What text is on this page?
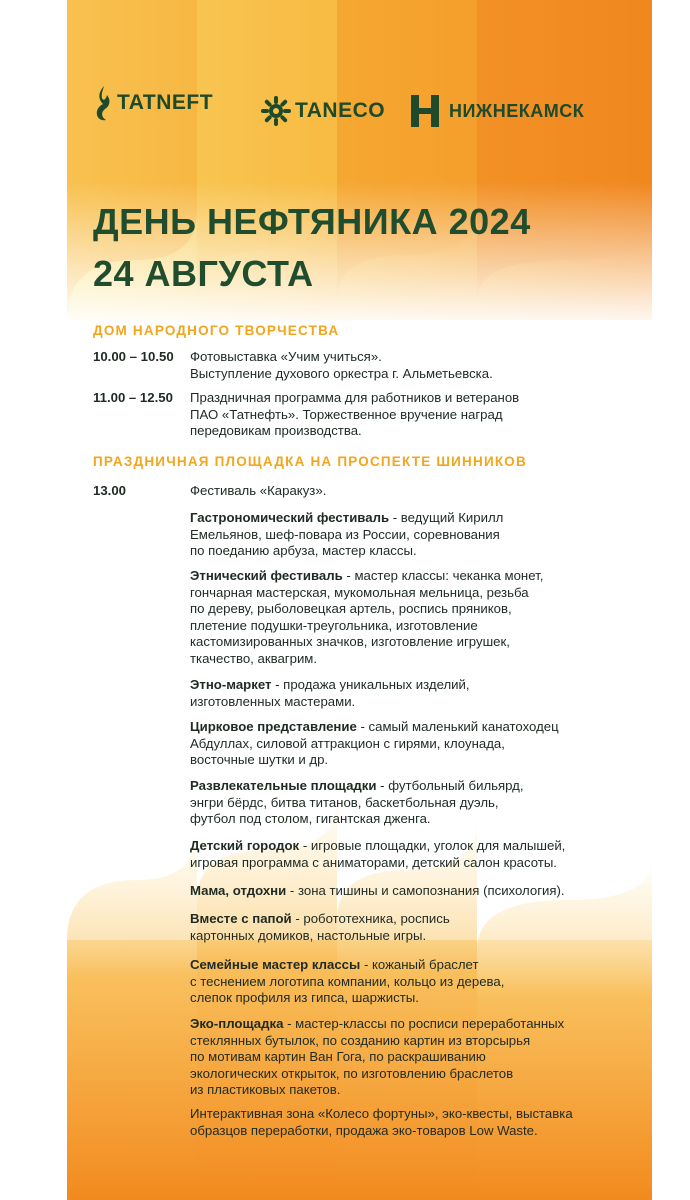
TATNEFT	TANECO	НИЖНЕКАМСК
ДЕНЬ НЕФТЯНИКА 2024
24 АВГУСТА
ДОМ НАРОДНОГО ТВОРЧЕСТВА
10.00 – 10.50 Фотовыставка «Учим учиться».
Выступление духового оркестра г. Альметьевска.
11.00 – 12.50 Праздничная программа для работников и ветеранов
ПАО «Татнефть». Торжественное вручение наград
передовикам производства.
ПРАЗДНИЧНАЯ ПЛОЩАДКА НА ПРОСПЕКТЕ ШИННИКОВ
13.00	Фестиваль «Каракуз».
Гастрономический фестиваль - ведущий Кирилл
Емельянов, шеф-повара из России, соревнования
по поеданию арбуза, мастер классы.
Этнический фестиваль - мастер классы: чеканка монет,
гончарная мастерская, мукомольная мельница, резьба
по дереву, рыболовецкая артель, роспись пряников,
плетение подушки-треугольника, изготовление
кастомизированных значков, изготовление игрушек,
ткачество, аквагрим.
Этно-маркет - продажа уникальных изделий,
изготовленных мастерами.
Цирковое представление - самый маленький канатоходец
Абдуллах, силовой аттракцион с гирями, клоунада,
восточные шутки и др.
Развлекательные площадки - футбольный бильярд,
энгри бёрдс, битва титанов, баскетбольная дуэль,
футбол под столом, гигантская дженга.
Детский городок - игровые площадки, уголок для малышей,
игровая программа с аниматорами, детский салон красоты.
Мама, отдохни - зона тишины и самопознания (психология).
Вместе с папой - робототехника, роспись
картонных домиков, настольные игры.
Семейные мастер классы - кожаный браслет
с теснением логотипа компании, кольцо из дерева,
слепок профиля из гипса, шаржисты.
Эко-площадка - мастер-классы по росписи переработанных
стеклянных бутылок, по созданию картин из вторсырья
по мотивам картин Ван Гога, по раскрашиванию
экологических открыток, по изготовлению браслетов
из пластиковых пакетов.
Интерактивная зона «Колесо фортуны», эко-квесты, выставка
образцов переработки, продажа эко-товаров Low Waste.
